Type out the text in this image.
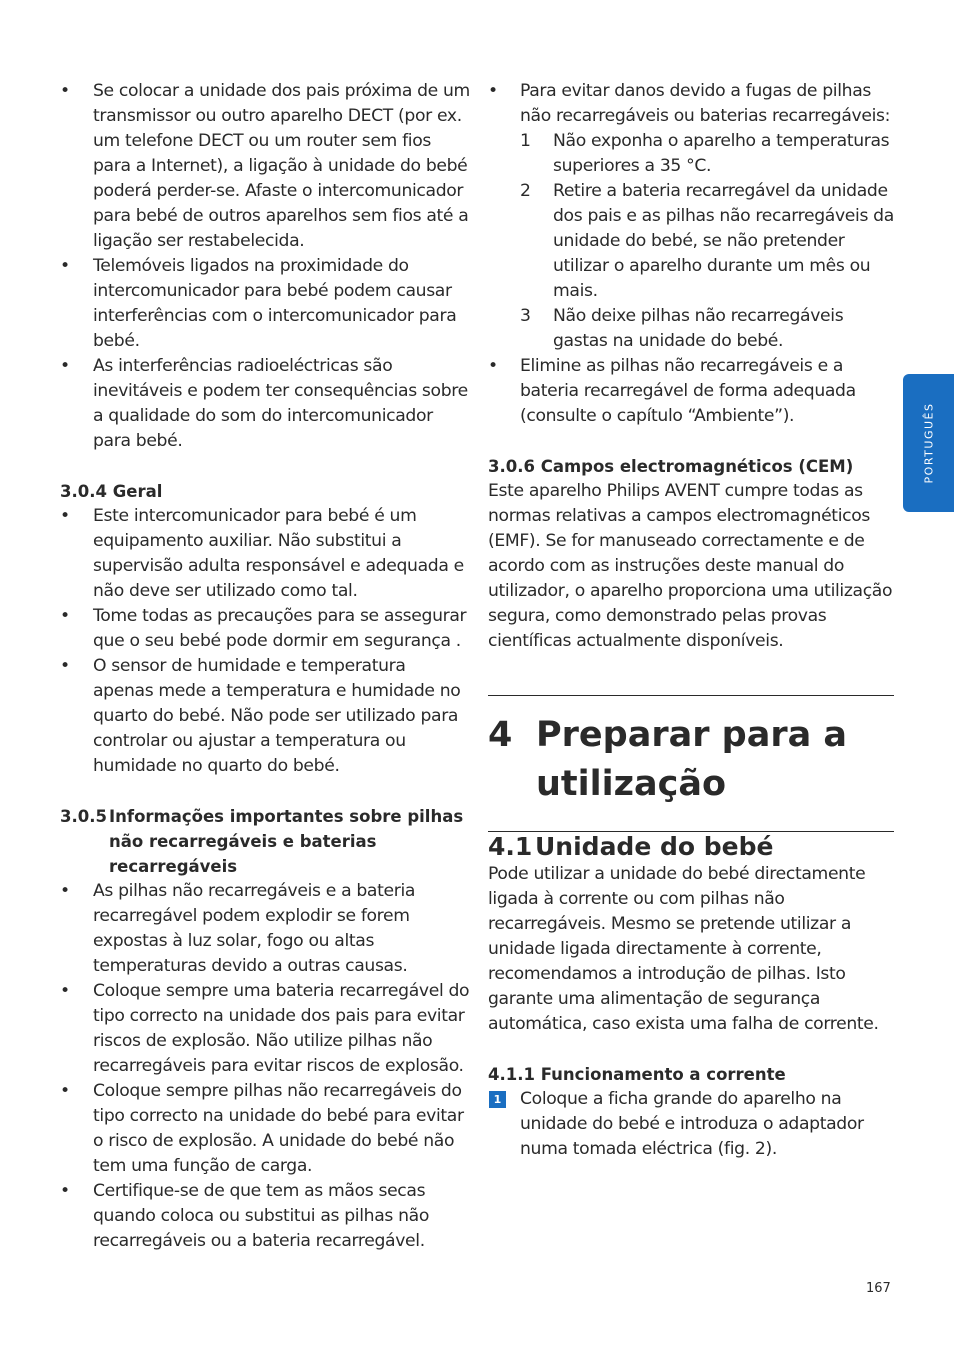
•	Se colocar a unidade dos pais próxima de um transmissor ou outro aparelho DECT (por ex. um telefone DECT ou um router sem fios para a Internet), a ligação à unidade do bebé poderá perder-se. Afaste o intercomunicador para bebé de outros aparelhos sem fios até a ligação ser restabelecida.
•	Telemóveis ligados na proximidade do intercomunicador para bebé podem causar interferências com o intercomunicador para bebé.
•	As interferências radioeléctricas são inevitáveis e podem ter consequências sobre a qualidade do som do intercomunicador para bebé.
3.0.4 Geral
•	Este intercomunicador para bebé é um equipamento auxiliar. Não substitui a supervisão adulta responsável e adequada e não deve ser utilizado como tal.
•	Tome todas as precauções para se assegurar que o seu bebé pode dormir em segurança .
•	O sensor de humidade e temperatura apenas mede a temperatura e humidade no quarto do bebé. Não pode ser utilizado para controlar ou ajustar a temperatura ou humidade no quarto do bebé.
3.0.5 Informações importantes sobre pilhas não recarregáveis e baterias recarregáveis
•	As pilhas não recarregáveis e a bateria recarregável podem explodir se forem expostas à luz solar, fogo ou altas temperaturas devido a outras causas.
•	Coloque sempre uma bateria recarregável do tipo correcto na unidade dos pais para evitar riscos de explosão. Não utilize pilhas não recarregáveis para evitar riscos de explosão.
•	Coloque sempre pilhas não recarregáveis do tipo correcto na unidade do bebé para evitar o risco de explosão. A unidade do bebé não tem uma função de carga.
•	Certifique-se de que tem as mãos secas quando coloca ou substitui as pilhas não recarregáveis ou a bateria recarregável.
•	Para evitar danos devido a fugas de pilhas não recarregáveis ou baterias recarregáveis:
1 Não exponha o aparelho a temperaturas superiores a 35 °C.
2 Retire a bateria recarregável da unidade dos pais e as pilhas não recarregáveis da unidade do bebé, se não pretender utilizar o aparelho durante um mês ou mais.
3 Não deixe pilhas não recarregáveis gastas na unidade do bebé.
•	Elimine as pilhas não recarregáveis e a bateria recarregável de forma adequada (consulte o capítulo “Ambiente”).
3.0.6 Campos electromagnéticos (CEM)
Este aparelho Philips AVENT cumpre todas as normas relativas a campos electromagnéticos (EMF). Se for manuseado correctamente e de acordo com as instruções deste manual do utilizador, o aparelho proporciona uma utilização segura, como demonstrado pelas provas científicas actualmente disponíveis.
4 Preparar para a utilização
4.1 Unidade do bebé
Pode utilizar a unidade do bebé directamente ligada à corrente ou com pilhas não recarregáveis. Mesmo se pretende utilizar a unidade ligada directamente à corrente, recomendamos a introdução de pilhas. Isto garante uma alimentação de segurança automática, caso exista uma falha de corrente.
4.1.1 Funcionamento a corrente
1 Coloque a ficha grande do aparelho na unidade do bebé e introduza o adaptador numa tomada eléctrica (fig. 2).
PORTUGUÊS
167
